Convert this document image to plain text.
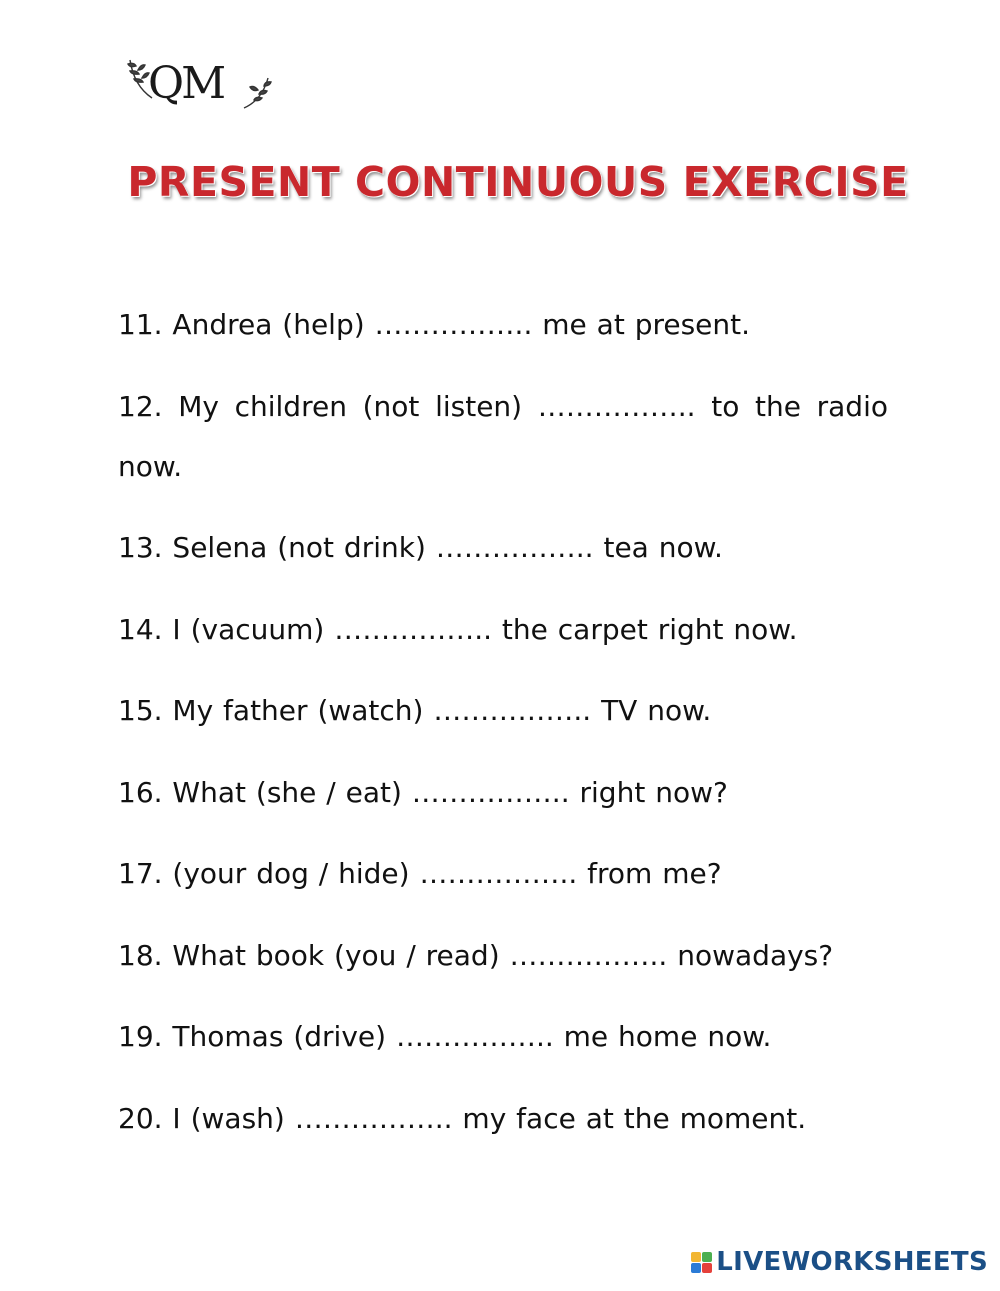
QM
PRESENT CONTINUOUS EXERCISE
11. Andrea (help) …………….. me at present.
12. My children (not listen) …………….. to the radio now.
13. Selena (not drink) …………….. tea now.
14. I (vacuum) …………….. the carpet right now.
15. My father (watch) …………….. TV now.
16. What (she / eat) …………….. right now?
17. (your dog / hide) …………….. from me?
18. What book (you / read) …………….. nowadays?
19. Thomas (drive) …………….. me home now.
20. I (wash) …………….. my face at the moment.
LIVEWORKSHEETS
